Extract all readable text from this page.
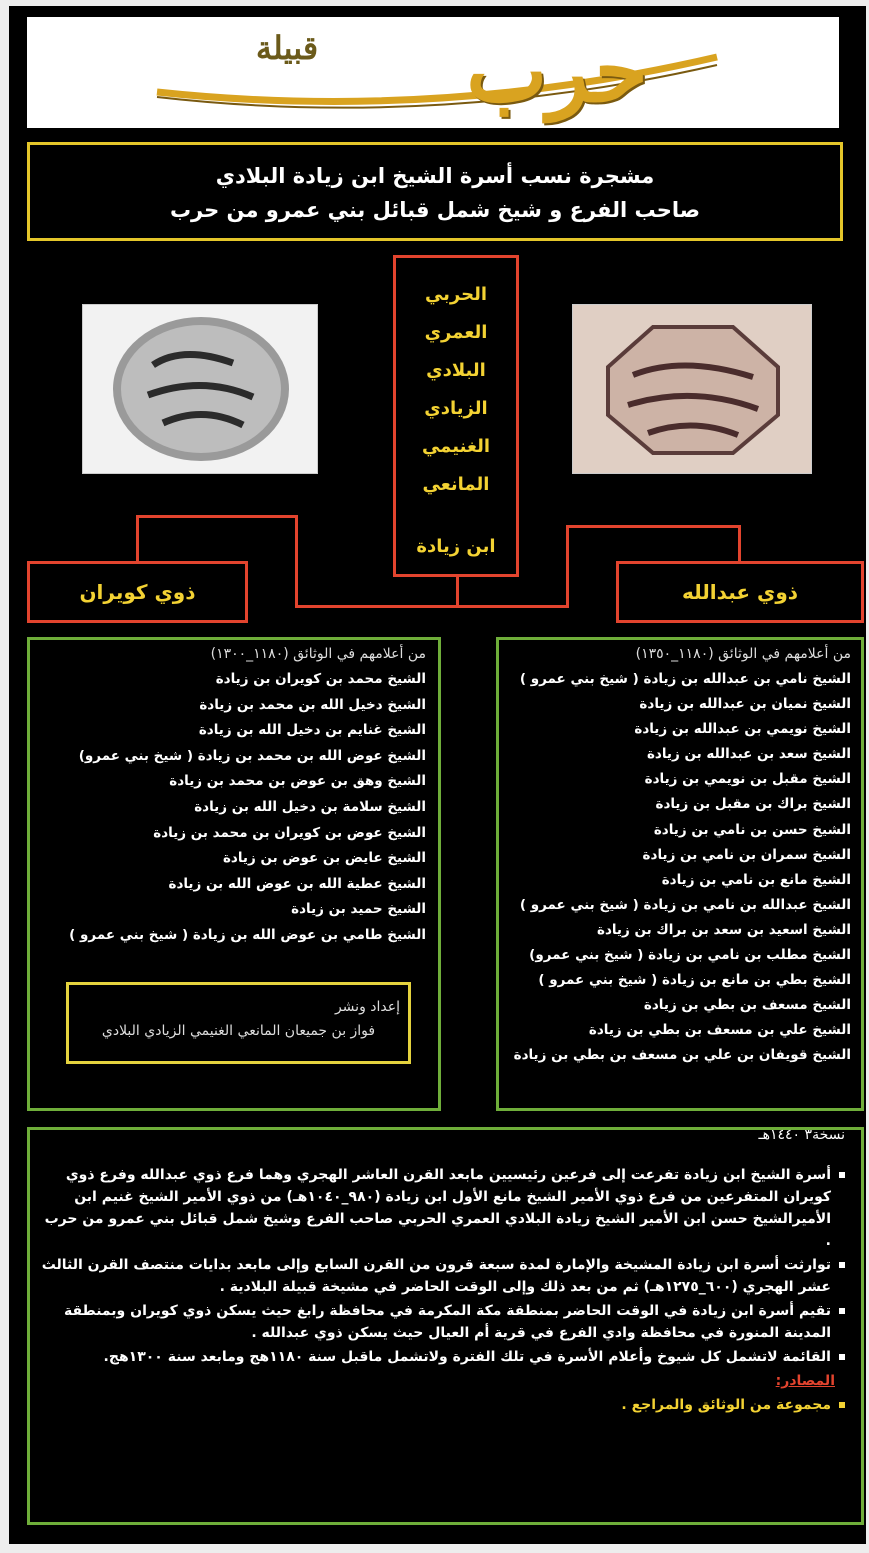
قبيلة	حرب
مشجرة نسب أسرة الشيخ ابن زيادة البلادي
صاحب الفرع و شيخ شمل قبائل بني عمرو من حرب
الحربي
العمري
البلادي
الزيادي
الغنيمي
المانعي
ابن زيادة
ذوي كويران	ذوي عبدالله
من أعلامهم في الوثائق (١١٨٠_١٣٠٠)
الشيخ محمد بن كويران بن زيادة
الشيخ دخيل الله بن محمد بن زيادة
الشيخ غنايم بن دخيل الله بن زيادة
الشيخ عوض الله بن محمد بن زيادة ( شيخ بني عمرو)
الشيخ وهق بن عوض بن محمد بن زيادة
الشيخ سلامة بن دخيل الله بن زيادة
الشيخ عوض بن كويران بن محمد بن زيادة
الشيخ عايض بن عوض بن زيادة
الشيخ عطية الله بن عوض الله بن زيادة
الشيخ حميد بن زيادة
الشيخ طامي بن عوض الله بن زيادة ( شيخ بني عمرو )
إعداد ونشر
فواز بن جميعان المانعي الغنيمي الزيادي البلادي
من أعلامهم في الوثائق (١١٨٠_١٣٥٠)
الشيخ نامي بن عبدالله بن زيادة ( شيخ بني عمرو )
الشيخ نميان بن عبدالله بن زيادة
الشيخ نويمي بن عبدالله بن زيادة
الشيخ سعد بن عبدالله بن زيادة
الشيخ مقبل بن نويمي بن زيادة
الشيخ براك بن مقبل بن زيادة
الشيخ حسن بن نامي بن زيادة
الشيخ سمران بن نامي بن زيادة
الشيخ مانع بن نامي بن زيادة
الشيخ عبدالله بن نامي بن زيادة ( شيخ بني عمرو )
الشيخ اسعيد بن سعد بن براك بن زيادة
الشيخ مطلب بن نامي بن زيادة ( شيخ بني عمرو)
الشيخ بطي بن مانع بن زيادة ( شيخ بني عمرو )
الشيخ مسعف بن بطي بن زيادة
الشيخ علي بن مسعف بن بطي بن زيادة
الشيخ قويفان بن علي بن مسعف بن بطي بن زيادة
نسخة٣ ١٤٤٠هـ
أسرة الشيخ ابن زيادة تفرعت إلى فرعين رئيسيين مابعد القرن العاشر الهجري وهما فرع ذوي عبدالله وفرع ذوي كويران المتفرعين من فرع ذوي الأمير الشيخ مانع الأول ابن زيادة (٩٨٠_١٠٤٠هـ) من ذوي الأمير الشيخ غنيم ابن الأميرالشيخ حسن ابن الأمير الشيخ زيادة البلادي العمري الحربي صاحب الفرع وشيخ شمل قبائل بني عمرو من حرب .
توارثت أسرة ابن زيادة المشيخة والإمارة لمدة سبعة قرون من القرن السابع وإلى مابعد بدايات منتصف القرن الثالث عشر الهجري (٦٠٠_١٢٧٥هـ) ثم من بعد ذلك وإلى الوقت الحاضر في مشيخة قبيلة البلادية .
تقيم أسرة ابن زيادة في الوقت الحاضر بمنطقة مكة المكرمة في محافظة رابغ حيث يسكن ذوي كويران وبمنطقة المدينة المنورة في محافظة وادي الفرع في قرية أم العيال حيث يسكن ذوي عبدالله .
القائمة لاتشمل كل شيوخ وأعلام الأسرة في تلك الفترة ولاتشمل ماقبل سنة ١١٨٠هج ومابعد سنة ١٣٠٠هج.
المصادر:
مجموعة من الوثائق والمراجع .
